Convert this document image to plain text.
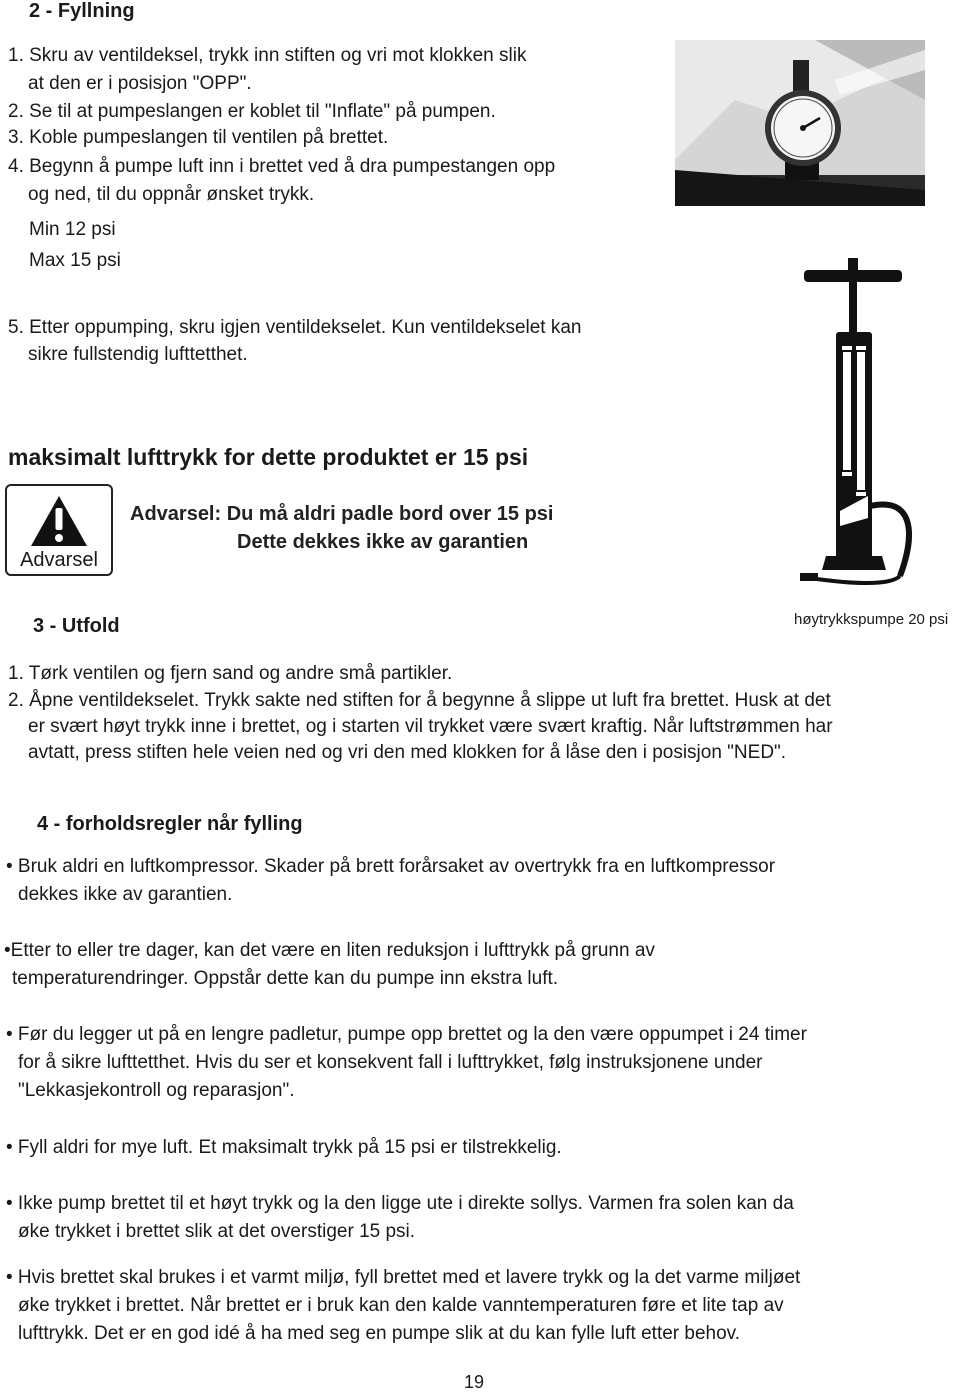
2 - Fyllning
1. Skru av ventildeksel, trykk inn stiften og vri mot klokken slik
at den er i posisjon "OPP".
2. Se til at pumpeslangen er koblet til "Inflate" på pumpen.
3. Koble pumpeslangen til ventilen på brettet.
4. Begynn å pumpe luft inn i brettet ved å dra pumpestangen opp
og ned, til du oppnår ønsket trykk.
Min 12 psi
Max 15 psi
5. Etter oppumping, skru igjen ventildekselet. Kun ventildekselet kan
sikre fullstendig lufttetthet.
høytrykkspumpe 20 psi
maksimalt lufttrykk for dette produktet er 15 psi
Advarsel
Advarsel: Du må aldri padle bord over 15 psi
Dette dekkes ikke av garantien
3 - Utfold
1. Tørk ventilen og fjern sand og andre små partikler.
2. Åpne ventildekselet. Trykk sakte ned stiften for å begynne å slippe ut luft fra brettet. Husk at det
er svært høyt trykk inne i brettet, og i starten vil trykket være svært kraftig. Når luftstrømmen har
avtatt, press stiften hele veien ned og vri den med klokken for å låse den i posisjon "NED".
4 - forholdsregler når fylling
• Bruk aldri en luftkompressor. Skader på brett forårsaket av overtrykk fra en luftkompressor
dekkes ikke av garantien.
•Etter to eller tre dager, kan det være en liten reduksjon i lufttrykk på grunn av
temperaturendringer. Oppstår dette kan du pumpe inn ekstra luft.
• Før du legger ut på en lengre padletur, pumpe opp brettet og la den være oppumpet i 24 timer
for å sikre lufttetthet. Hvis du ser et konsekvent fall i lufttrykket, følg instruksjonene under
"Lekkasjekontroll og reparasjon".
• Fyll aldri for mye luft. Et maksimalt trykk på 15 psi er tilstrekkelig.
• Ikke pump brettet til et høyt trykk og la den ligge ute i direkte sollys. Varmen fra solen kan da
øke trykket i brettet slik at det overstiger 15 psi.
• Hvis brettet skal brukes i et varmt miljø, fyll brettet med et lavere trykk og la det varme miljøet
øke trykket i brettet. Når brettet er i bruk kan den kalde vanntemperaturen føre et lite tap av
lufttrykk. Det er en god idé å ha med seg en pumpe slik at du kan fylle luft etter behov.
19
